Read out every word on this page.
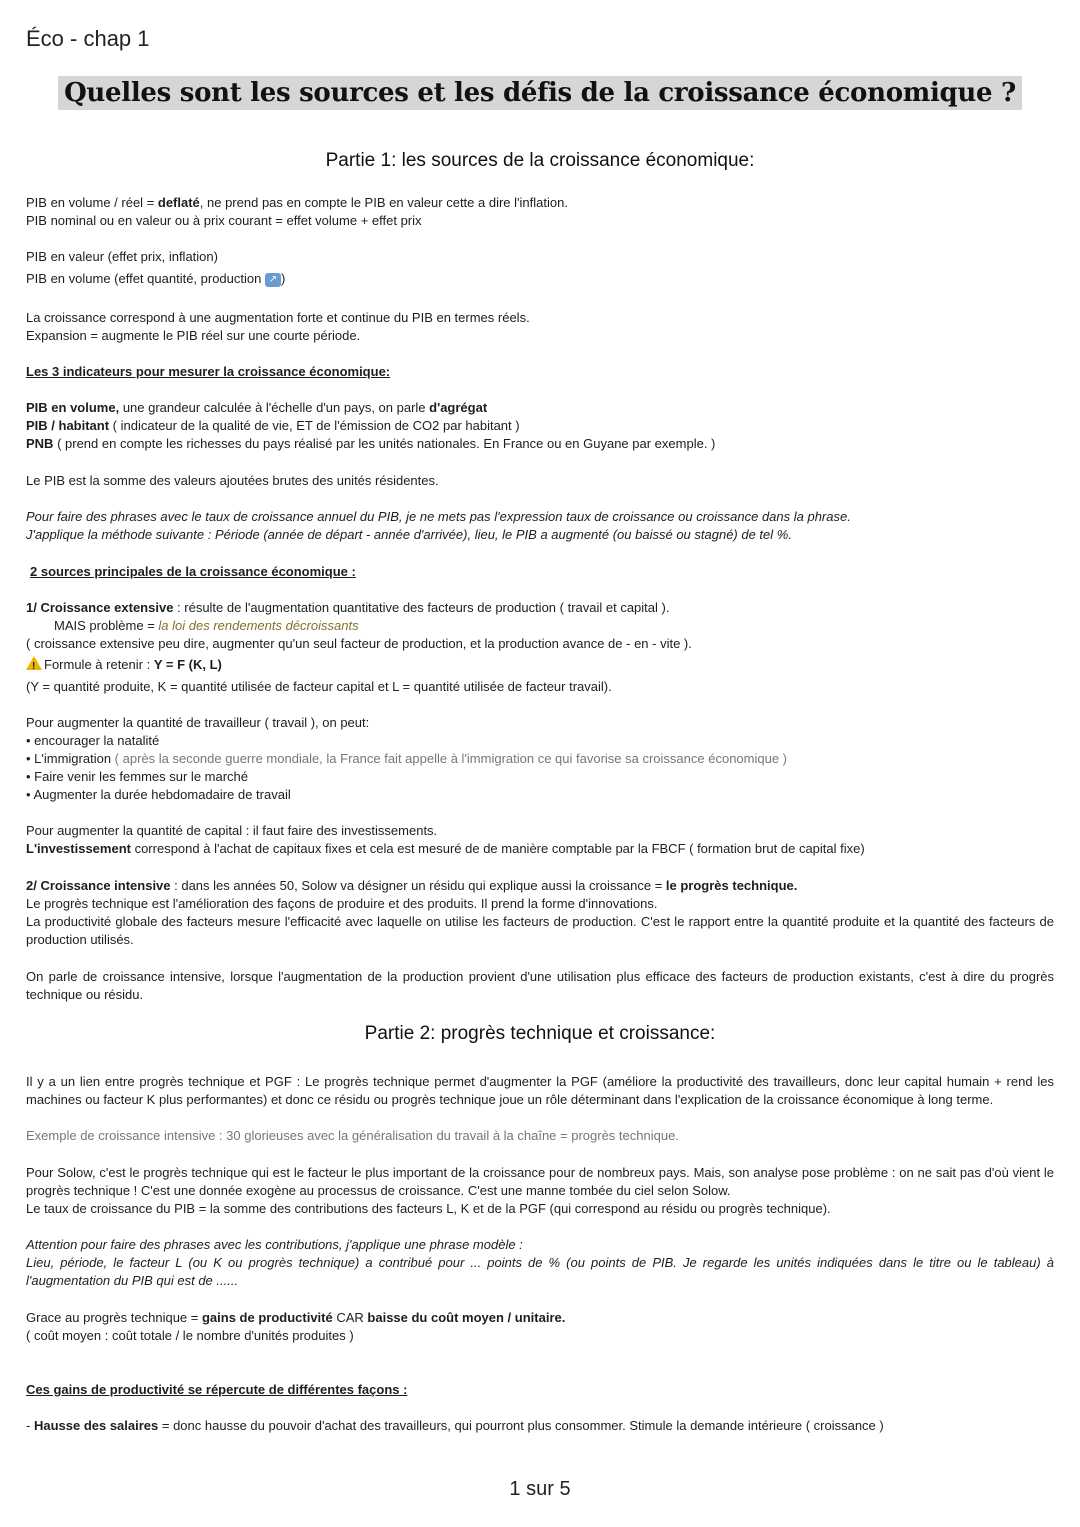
Éco - chap 1
Quelles sont les sources et les défis de la croissance économique ?
Partie 1: les sources de la croissance économique:
PIB en volume / réel = deflaté, ne prend pas en compte le PIB en valeur cette a dire l'inflation.
PIB nominal ou en valeur ou à prix courant = effet volume + effet prix
PIB en valeur (effet prix, inflation)
PIB en volume (effet quantité, production ↗ )
La croissance correspond à une augmentation forte et continue du PIB en termes réels.
Expansion = augmente le PIB réel sur une courte période.
Les 3 indicateurs pour mesurer la croissance économique:
PIB en volume, une grandeur calculée à l'échelle d'un pays, on parle d'agrégat
PIB / habitant ( indicateur de la qualité de vie, ET de l'émission de CO2 par habitant )
PNB ( prend en compte les richesses du pays réalisé par les unités nationales. En France ou en Guyane par exemple. )
Le PIB est la somme des valeurs ajoutées brutes des unités résidentes.
Pour faire des phrases avec le taux de croissance annuel du PIB, je ne mets pas l'expression taux de croissance ou croissance dans la phrase.
J'applique la méthode suivante : Période (année de départ - année d'arrivée), lieu, le PIB a augmenté (ou baissé ou stagné) de tel %.
2 sources principales de la croissance économique :
1/ Croissance extensive : résulte de l'augmentation quantitative des facteurs de production ( travail et capital ).
MAIS problème = la loi des rendements décroissants
( croissance extensive peu dire, augmenter qu'un seul facteur de production, et la production avance de - en - vite ).
!Formule à retenir : Y = F (K, L)
(Y = quantité produite, K = quantité utilisée de facteur capital et L = quantité utilisée de facteur travail).
Pour augmenter la quantité de travailleur ( travail ), on peut:
• encourager la natalité
• L'immigration ( après la seconde guerre mondiale, la France fait appelle à l'immigration ce qui favorise sa croissance économique )
• Faire venir les femmes sur le marché
• Augmenter la durée hebdomadaire de travail
Pour augmenter la quantité de capital : il faut faire des investissements.
L'investissement correspond à l'achat de capitaux fixes et cela est mesuré de de manière comptable par la FBCF ( formation brut de capital fixe)
2/ Croissance intensive : dans les années 50, Solow va désigner un résidu qui explique aussi la croissance = le progrès technique.
Le progrès technique est l'amélioration des façons de produire et des produits. Il prend la forme d'innovations.
La productivité globale des facteurs mesure l'efficacité avec laquelle on utilise les facteurs de production. C'est le rapport entre la quantité produite et la quantité des facteurs de production utilisés.
On parle de croissance intensive, lorsque l'augmentation de la production provient d'une utilisation plus efficace des facteurs de production existants, c'est à dire du progrès technique ou résidu.
Partie 2: progrès technique et croissance:
Il y a un lien entre progrès technique et PGF : Le progrès technique permet d'augmenter la PGF (améliore la productivité des travailleurs, donc leur capital humain + rend les machines ou facteur K plus performantes) et donc ce résidu ou progrès technique joue un rôle déterminant dans l'explication de la croissance économique à long terme.
Exemple de croissance intensive : 30 glorieuses avec la généralisation du travail à la chaîne = progrès technique.
Pour Solow, c'est le progrès technique qui est le facteur le plus important de la croissance pour de nombreux pays. Mais, son analyse pose problème : on ne sait pas d'où vient le progrès technique ! C'est une donnée exogène au processus de croissance. C'est une manne tombée du ciel selon Solow.
Le taux de croissance du PIB = la somme des contributions des facteurs L, K et de la PGF (qui correspond au résidu ou progrès technique).
Attention pour faire des phrases avec les contributions, j'applique une phrase modèle :
Lieu, période, le facteur L (ou K ou progrès technique) a contribué pour ... points de % (ou points de PIB. Je regarde les unités indiquées dans le titre ou le tableau) à l'augmentation du PIB qui est de ......
Grace au progrès technique = gains de productivité CAR baisse du coût moyen / unitaire.
( coût moyen : coût totale / le nombre d'unités produites )
Ces gains de productivité se répercute de différentes façons :
- Hausse des salaires = donc hausse du pouvoir d'achat des travailleurs, qui pourront plus consommer. Stimule la demande intérieure ( croissance )
1 sur 5
